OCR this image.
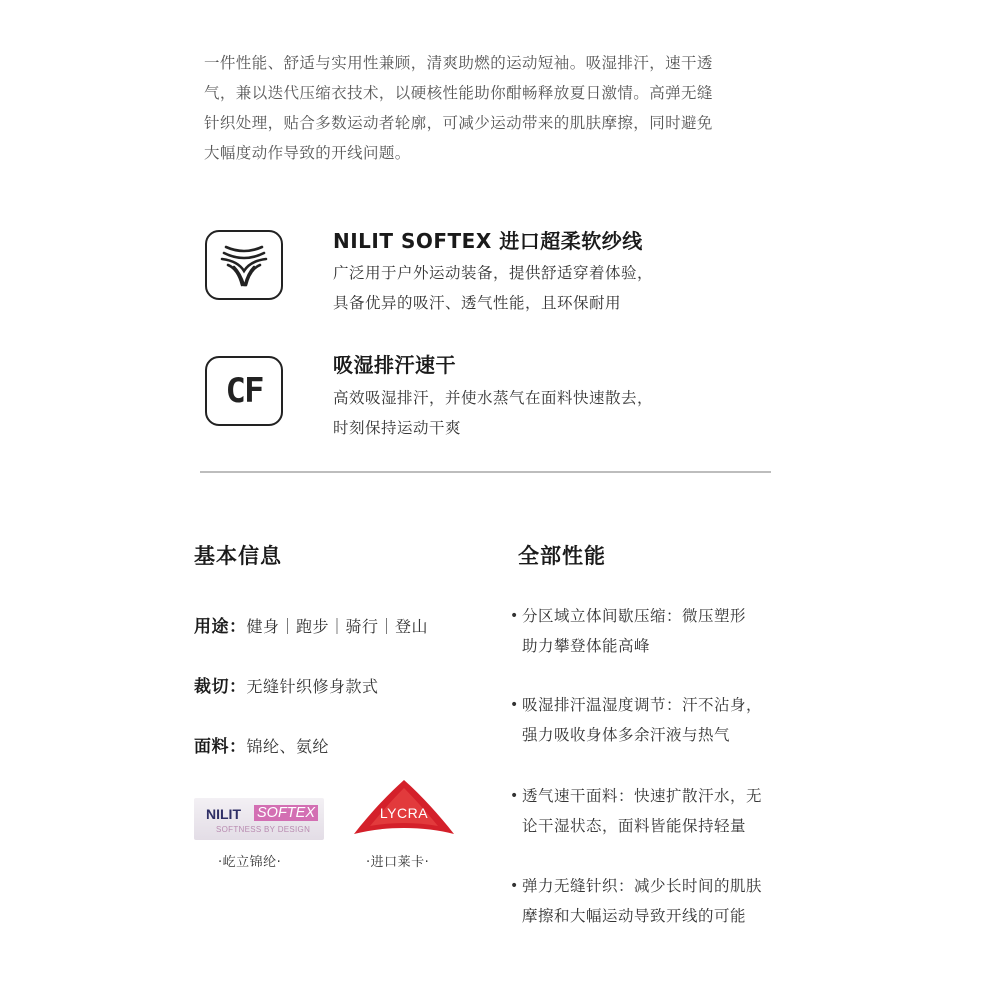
一件性能、舒适与实用性兼顾，清爽助燃的运动短袖。吸湿排汗，速干透
气，兼以迭代压缩衣技术，以硬核性能助你酣畅释放夏日激情。高弹无缝
针织处理，贴合多数运动者轮廓，可减少运动带来的肌肤摩擦，同时避免
大幅度动作导致的开线问题。
NILIT SOFTEX 进口超柔软纱线
广泛用于户外运动装备，提供舒适穿着体验，
具备优异的吸汗、透气性能，且环保耐用
CF
吸湿排汗速干
高效吸湿排汗，并使水蒸气在面料快速散去，
时刻保持运动干爽
基本信息
用途：健身｜跑步｜骑行｜登山
裁切：无缝针织修身款式
面料：锦纶、氨纶
NILIT SOFTEX
SOFTNESS BY DESIGN
·屹立锦纶·
LYCRA
·进口莱卡·
全部性能
• 分区域立体间歇压缩：微压塑形
助力攀登体能高峰
• 吸湿排汗温湿度调节：汗不沾身，
强力吸收身体多余汗液与热气
• 透气速干面料：快速扩散汗水，无
论干湿状态，面料皆能保持轻量
• 弹力无缝针织：减少长时间的肌肤
摩擦和大幅运动导致开线的可能
